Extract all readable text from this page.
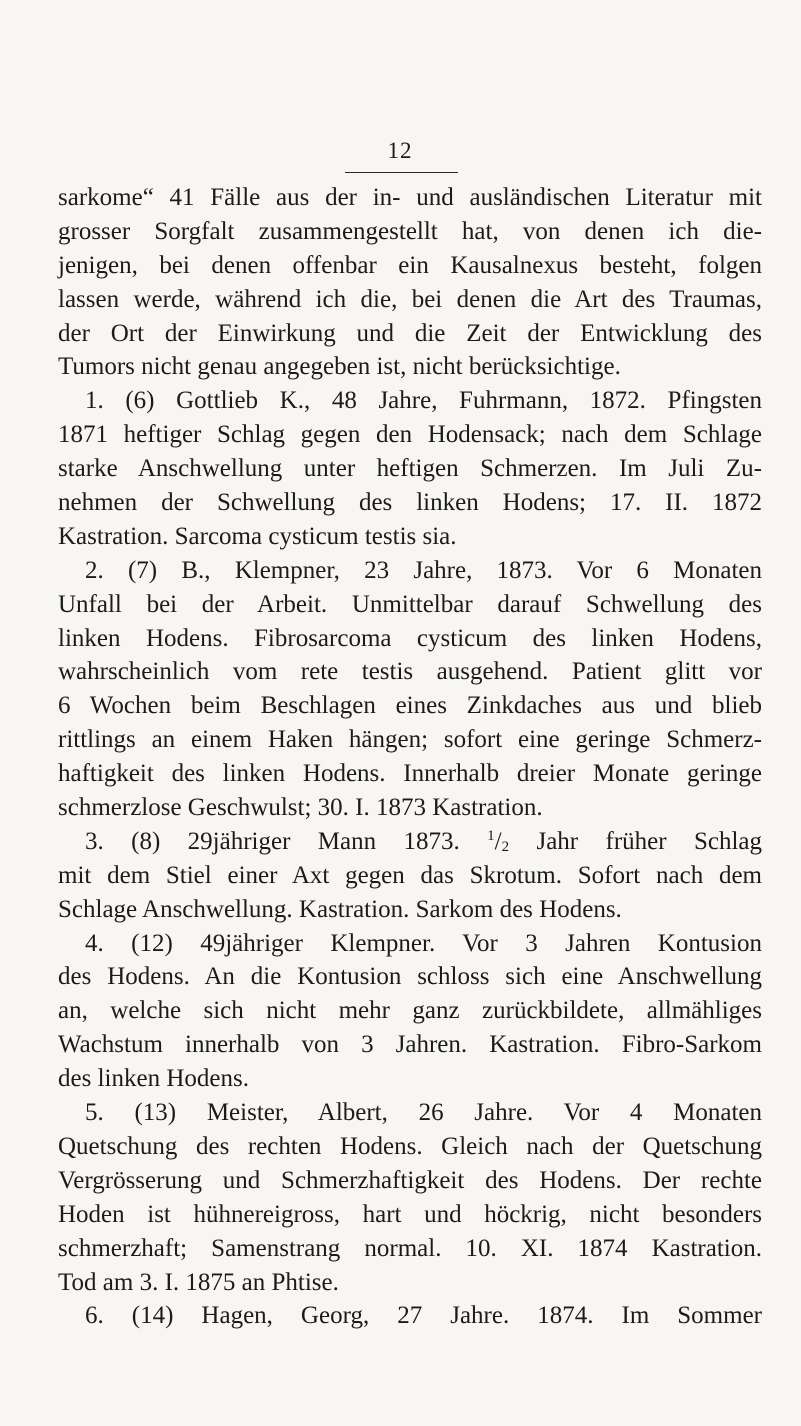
12
sarkome“ 41 Fälle aus der in- und ausländischen Literatur mit
grosser Sorgfalt zusammengestellt hat, von denen ich die-
jenigen, bei denen offenbar ein Kausalnexus besteht, folgen
lassen werde, während ich die, bei denen die Art des Traumas,
der Ort der Einwirkung und die Zeit der Entwicklung des
Tumors nicht genau angegeben ist, nicht berücksichtige.
1. (6) Gottlieb K., 48 Jahre, Fuhrmann, 1872. Pfingsten
1871 heftiger Schlag gegen den Hodensack; nach dem Schlage
starke Anschwellung unter heftigen Schmerzen. Im Juli Zu-
nehmen der Schwellung des linken Hodens; 17. II. 1872
Kastration. Sarcoma cysticum testis sia.
2. (7) B., Klempner, 23 Jahre, 1873. Vor 6 Monaten
Unfall bei der Arbeit. Unmittelbar darauf Schwellung des
linken Hodens. Fibrosarcoma cysticum des linken Hodens,
wahrscheinlich vom rete testis ausgehend. Patient glitt vor
6 Wochen beim Beschlagen eines Zinkdaches aus und blieb
rittlings an einem Haken hängen; sofort eine geringe Schmerz-
haftigkeit des linken Hodens. Innerhalb dreier Monate geringe
schmerzlose Geschwulst; 30. I. 1873 Kastration.
3. (8) 29jähriger Mann 1873. $^1/_2$ Jahr früher Schlag
mit dem Stiel einer Axt gegen das Skrotum. Sofort nach dem
Schlage Anschwellung. Kastration. Sarkom des Hodens.
4. (12) 49jähriger Klempner. Vor 3 Jahren Kontusion
des Hodens. An die Kontusion schloss sich eine Anschwellung
an, welche sich nicht mehr ganz zurückbildete, allmähliges
Wachstum innerhalb von 3 Jahren. Kastration. Fibro-Sarkom
des linken Hodens.
5. (13) Meister, Albert, 26 Jahre. Vor 4 Monaten
Quetschung des rechten Hodens. Gleich nach der Quetschung
Vergrösserung und Schmerzhaftigkeit des Hodens. Der rechte
Hoden ist hühnereigross, hart und höckrig, nicht besonders
schmerzhaft; Samenstrang normal. 10. XI. 1874 Kastration.
Tod am 3. I. 1875 an Phtise.
6. (14) Hagen, Georg, 27 Jahre. 1874. Im Sommer
